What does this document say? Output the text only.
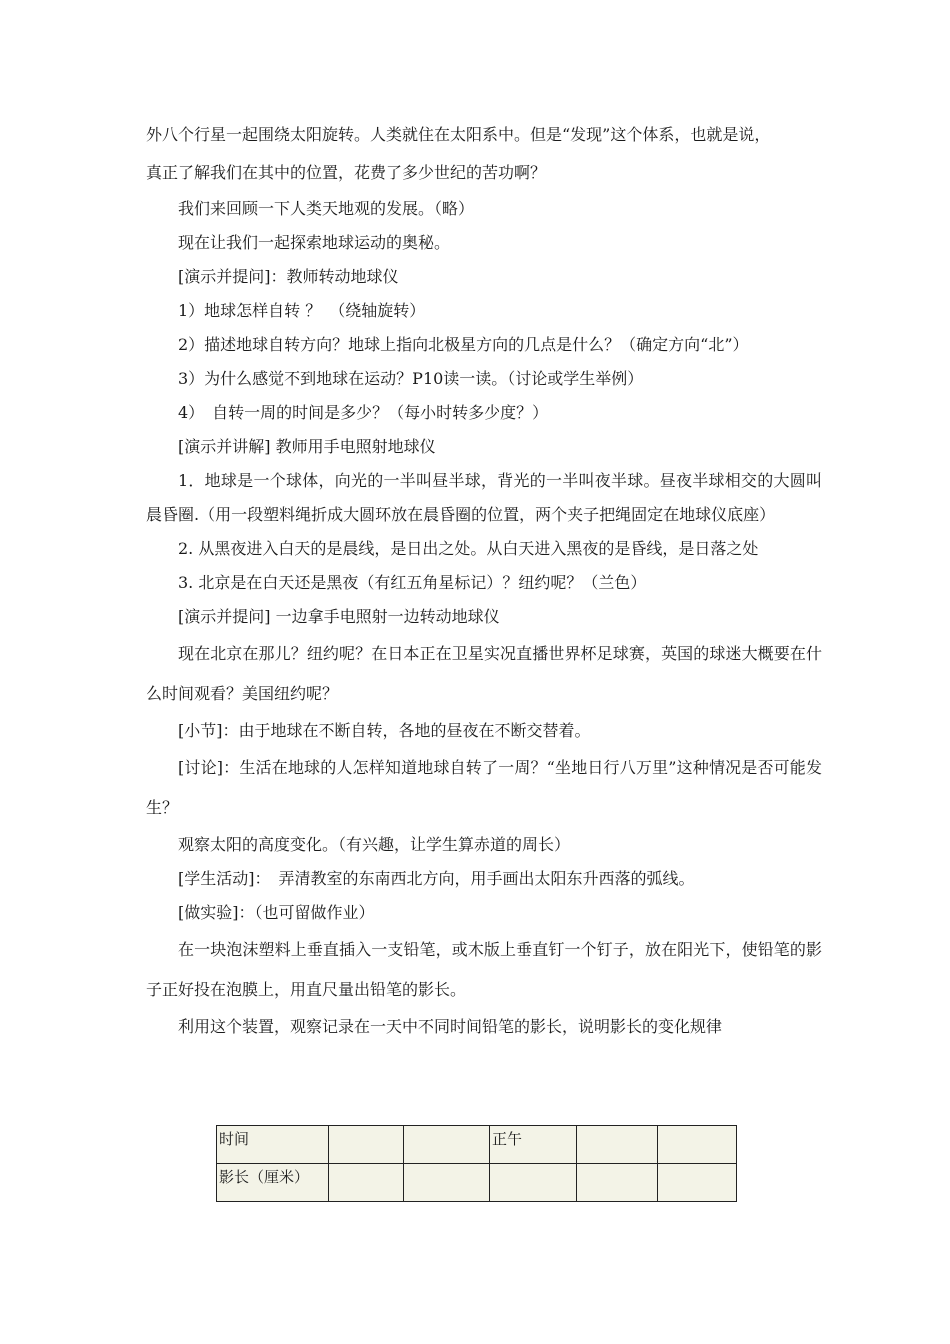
外八个行星一起围绕太阳旋转。人类就住在太阳系中。但是“发现”这个体系，也就是说，

真正了解我们在其中的位置，花费了多少世纪的苦功啊？

我们来回顾一下人类天地观的发展。（略）

现在让我们一起探索地球运动的奥秘。

[演示并提问]：教师转动地球仪

1）地球怎样自转 ？　（绕轴旋转）

2）描述地球自转方向？地球上指向北极星方向的几点是什么？（确定方向“北”）

3）为什么感觉不到地球在运动？P10读一读。（讨论或学生举例）

4）　自转一周的时间是多少？（每小时转多少度？）

[演示并讲解] 教师用手电照射地球仪

1．地球是一个球体，向光的一半叫昼半球，背光的一半叫夜半球。昼夜半球相交的大圆叫晨昏圈.（用一段塑料绳折成大圆环放在晨昏圈的位置，两个夹子把绳固定在地球仪底座）

2. 从黑夜进入白天的是晨线，是日出之处。从白天进入黑夜的是昏线，是日落之处

3. 北京是在白天还是黑夜（有红五角星标记）？纽约呢？（兰色）

[演示并提问] 一边拿手电照射一边转动地球仪

现在北京在那儿？纽约呢？在日本正在卫星实况直播世界杯足球赛，英国的球迷大概要在什么时间观看？美国纽约呢？

[小节]：由于地球在不断自转，各地的昼夜在不断交替着。

[讨论]：生活在地球的人怎样知道地球自转了一周？“坐地日行八万里”这种情况是否可能发生？

观察太阳的高度变化。（有兴趣，让学生算赤道的周长）

[学生活动]：　弄清教室的东南西北方向，用手画出太阳东升西落的弧线。

[做实验]：（也可留做作业）

在一块泡沫塑料上垂直插入一支铅笔，或木版上垂直钉一个钉子，放在阳光下，使铅笔的影子正好投在泡膜上，用直尺量出铅笔的影长。

利用这个装置，观察记录在一天中不同时间铅笔的影长，说明影长的变化规律

时间			正午		
影长（厘米）					
